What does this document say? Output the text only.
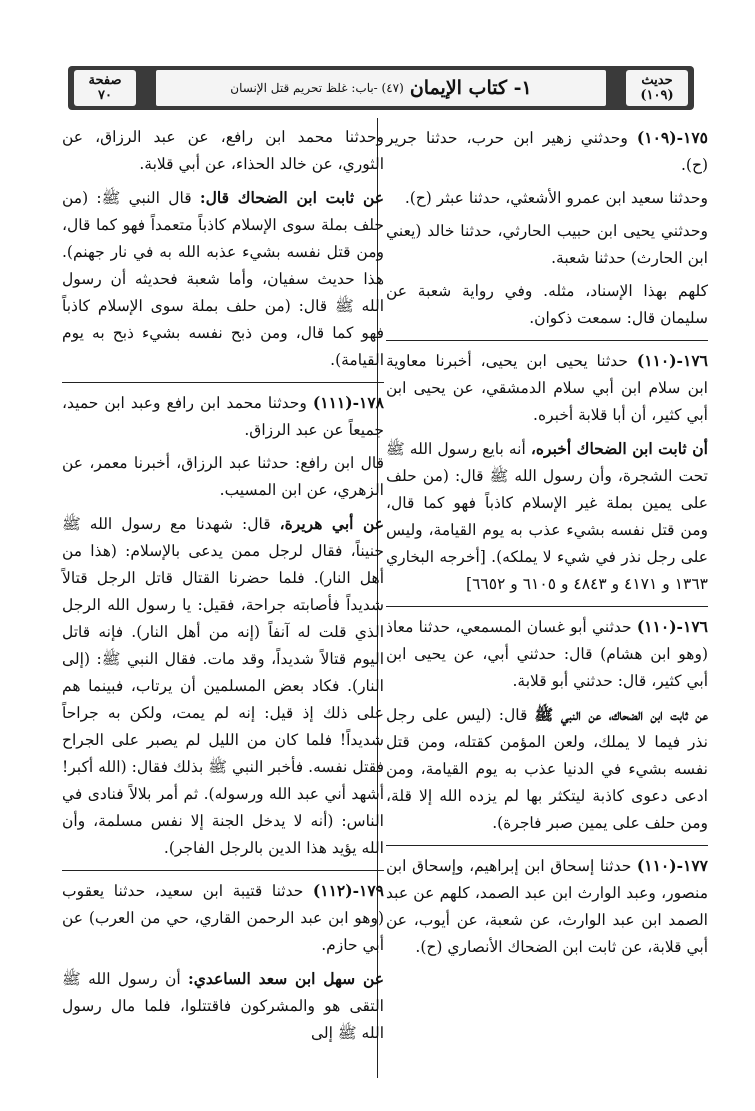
حديث
(١٠٩)
١- كتاب الإيمان
(٤٧) -باب: غلظ تحريم قتل الإنسان
صفحة
٧٠

١٧٥-(١٠٩) وحدثني زهير ابن حرب، حدثنا جرير (ح).

وحدثنا سعيد ابن عمرو الأشعثي، حدثنا عبثر (ح).

وحدثني يحيى ابن حبيب الحارثي، حدثنا خالد (يعني ابن الحارث) حدثنا شعبة.

كلهم بهذا الإسناد، مثله. وفي رواية شعبة عن سليمان قال: سمعت ذكوان.

١٧٦-(١١٠) حدثنا يحيى ابن يحيى، أخبرنا معاوية ابن سلام ابن أبي سلام الدمشقي، عن يحيى ابن أبي كثير، أن أبا قلابة أخبره.

أن ثابت ابن الضحاك أخبره، أنه بايع رسول الله ﷺ تحت الشجرة، وأن رسول الله ﷺ قال: (من حلف على يمين بملة غير الإسلام كاذباً فهو كما قال، ومن قتل نفسه بشيء عذب به يوم القيامة، وليس على رجل نذر في شيء لا يملكه). [أخرجه البخاري ١٣٦٣ و ٤١٧١ و ٤٨٤٣ و ٦١٠٥ و ٦٦٥٢]

١٧٦-(١١٠) حدثني أبو غسان المسمعي، حدثنا معاذ (وهو ابن هشام) قال: حدثني أبي، عن يحيى ابن أبي كثير، قال: حدثني أبو قلابة.

عن ثابت ابن الضحاك، عن النبي ﷺ قال: (ليس على رجل نذر فيما لا يملك، ولعن المؤمن كقتله، ومن قتل نفسه بشيء في الدنيا عذب به يوم القيامة، ومن ادعى دعوى كاذبة ليتكثر بها لم يزده الله إلا قلة، ومن حلف على يمين صبر فاجرة).

١٧٧-(١١٠) حدثنا إسحاق ابن إبراهيم، وإسحاق ابن منصور، وعبد الوارث ابن عبد الصمد، كلهم عن عبد الصمد ابن عبد الوارث، عن شعبة، عن أيوب، عن أبي قلابة، عن ثابت ابن الضحاك الأنصاري (ح).

وحدثنا محمد ابن رافع، عن عبد الرزاق، عن الثوري، عن خالد الحذاء، عن أبي قلابة.

عن ثابت ابن الضحاك قال: قال النبي ﷺ: (من حلف بملة سوى الإسلام كاذباً متعمداً فهو كما قال، ومن قتل نفسه بشيء عذبه الله به في نار جهنم). هذا حديث سفيان، وأما شعبة فحديثه أن رسول الله ﷺ قال: (من حلف بملة سوى الإسلام كاذباً فهو كما قال، ومن ذبح نفسه بشيء ذبح به يوم القيامة).

١٧٨-(١١١) وحدثنا محمد ابن رافع وعبد ابن حميد، جميعاً عن عبد الرزاق.

قال ابن رافع: حدثنا عبد الرزاق، أخبرنا معمر، عن الزهري، عن ابن المسيب.

عن أبي هريرة، قال: شهدنا مع رسول الله ﷺ حنيناً، فقال لرجل ممن يدعى بالإسلام: (هذا من أهل النار). فلما حضرنا القتال قاتل الرجل قتالاً شديداً فأصابته جراحة، فقيل: يا رسول الله الرجل الذي قلت له آنفاً (إنه من أهل النار). فإنه قاتل اليوم قتالاً شديداً، وقد مات. فقال النبي ﷺ: (إلى النار). فكاد بعض المسلمين أن يرتاب، فبينما هم على ذلك إذ قيل: إنه لم يمت، ولكن به جراحاً شديداً! فلما كان من الليل لم يصبر على الجراح فقتل نفسه. فأخبر النبي ﷺ بذلك فقال: (الله أكبر! أشهد أني عبد الله ورسوله). ثم أمر بلالاً فنادى في الناس: (أنه لا يدخل الجنة إلا نفس مسلمة، وأن الله يؤيد هذا الدين بالرجل الفاجر).

١٧٩-(١١٢) حدثنا قتيبة ابن سعيد، حدثنا يعقوب (وهو ابن عبد الرحمن القاري، حي من العرب) عن أبي حازم.

عن سهل ابن سعد الساعدي: أن رسول الله ﷺ التقى هو والمشركون فاقتتلوا، فلما مال رسول الله ﷺ إلى
